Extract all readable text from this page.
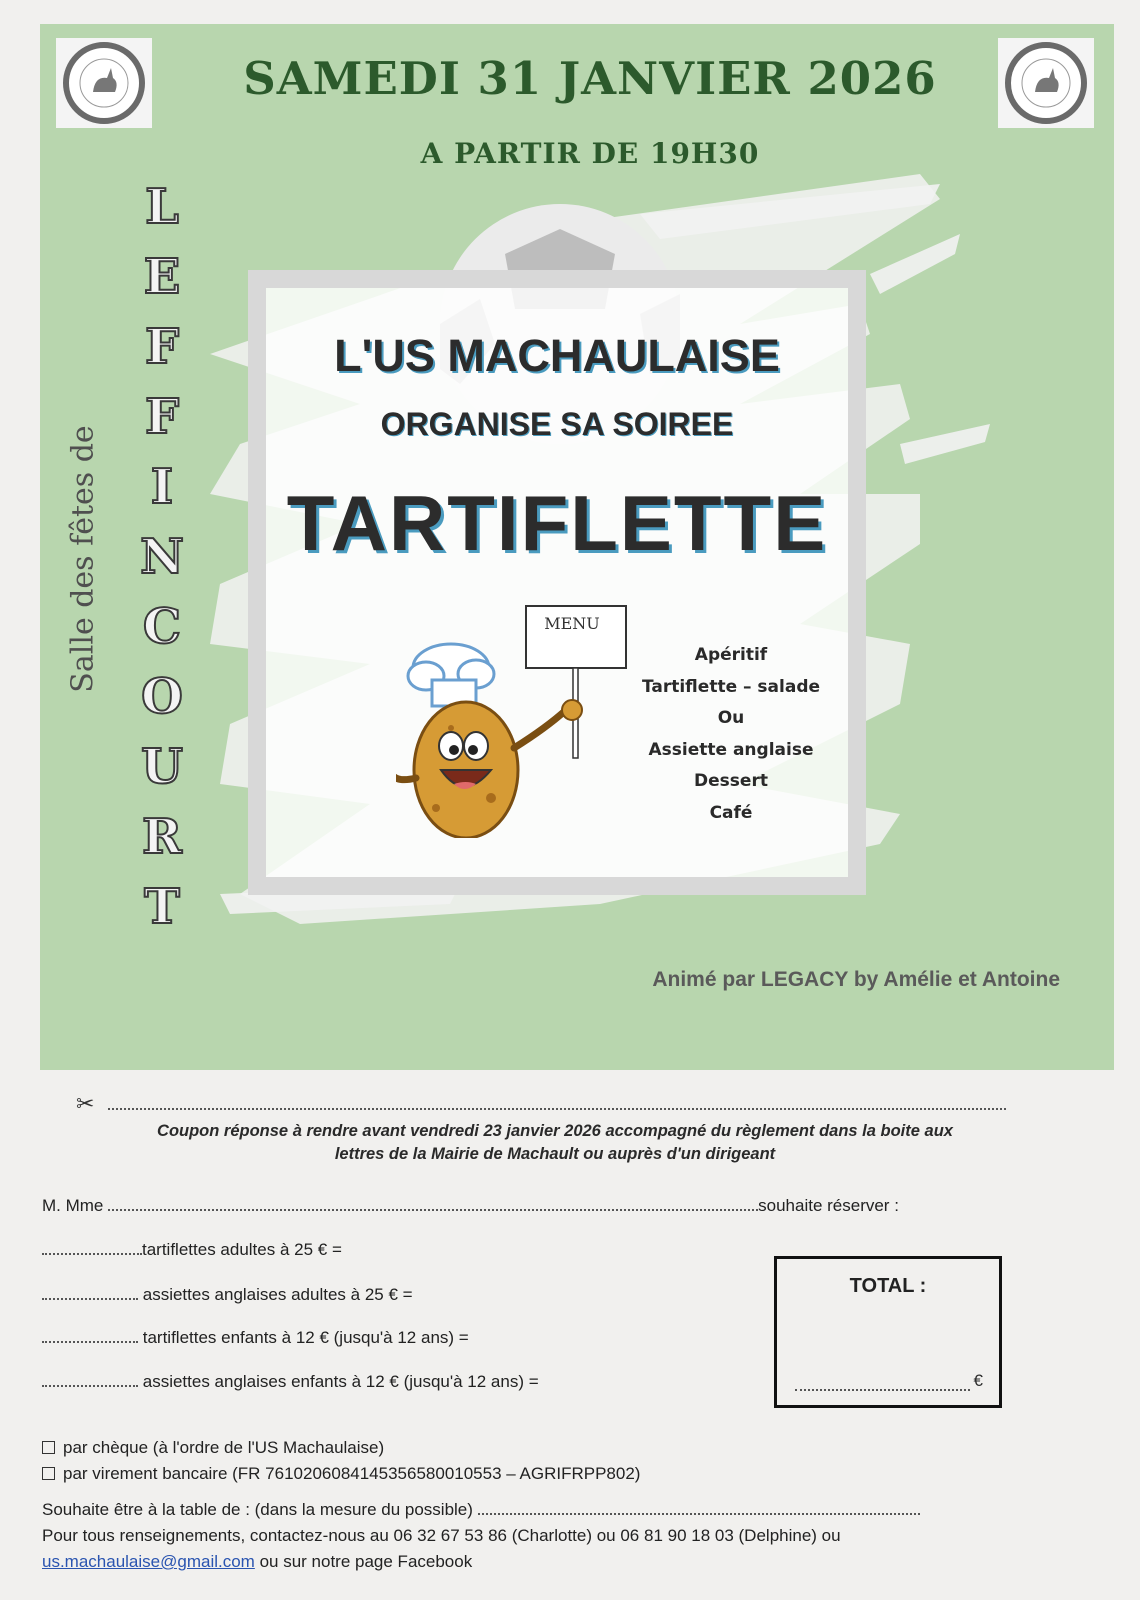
SAMEDI 31 JANVIER 2026
A PARTIR DE 19H30
Salle des fêtes de
L
E
F
F
I
N
C
O
U
R
T
L'US MACHAULAISE
ORGANISE SA SOIREE
TARTIFLETTE
MENU
Apéritif
Tartiflette – salade
Ou
Assiette anglaise
Dessert
Café
Animé par LEGACY by Amélie et Antoine
✂
Coupon réponse à rendre avant vendredi 23 janvier 2026 accompagné du règlement dans la boite aux
lettres de la Mairie de Machault ou auprès d'un dirigeant
M. Mme	souhaite réserver :
tartiflettes adultes à 25 € =
assiettes anglaises adultes à 25 € =
tartiflettes enfants à 12 € (jusqu'à 12 ans) =
assiettes anglaises enfants à 12 € (jusqu'à 12 ans) =
TOTAL :
€
par chèque (à l'ordre de l'US Machaulaise)
par virement bancaire (FR 7610206084145356580010553 – AGRIFRPP802)
Souhaite être à la table de : (dans la mesure du possible)
Pour tous renseignements, contactez-nous au 06 32 67 53 86 (Charlotte) ou 06 81 90 18 03 (Delphine) ou
us.machaulaise@gmail.com ou sur notre page Facebook
